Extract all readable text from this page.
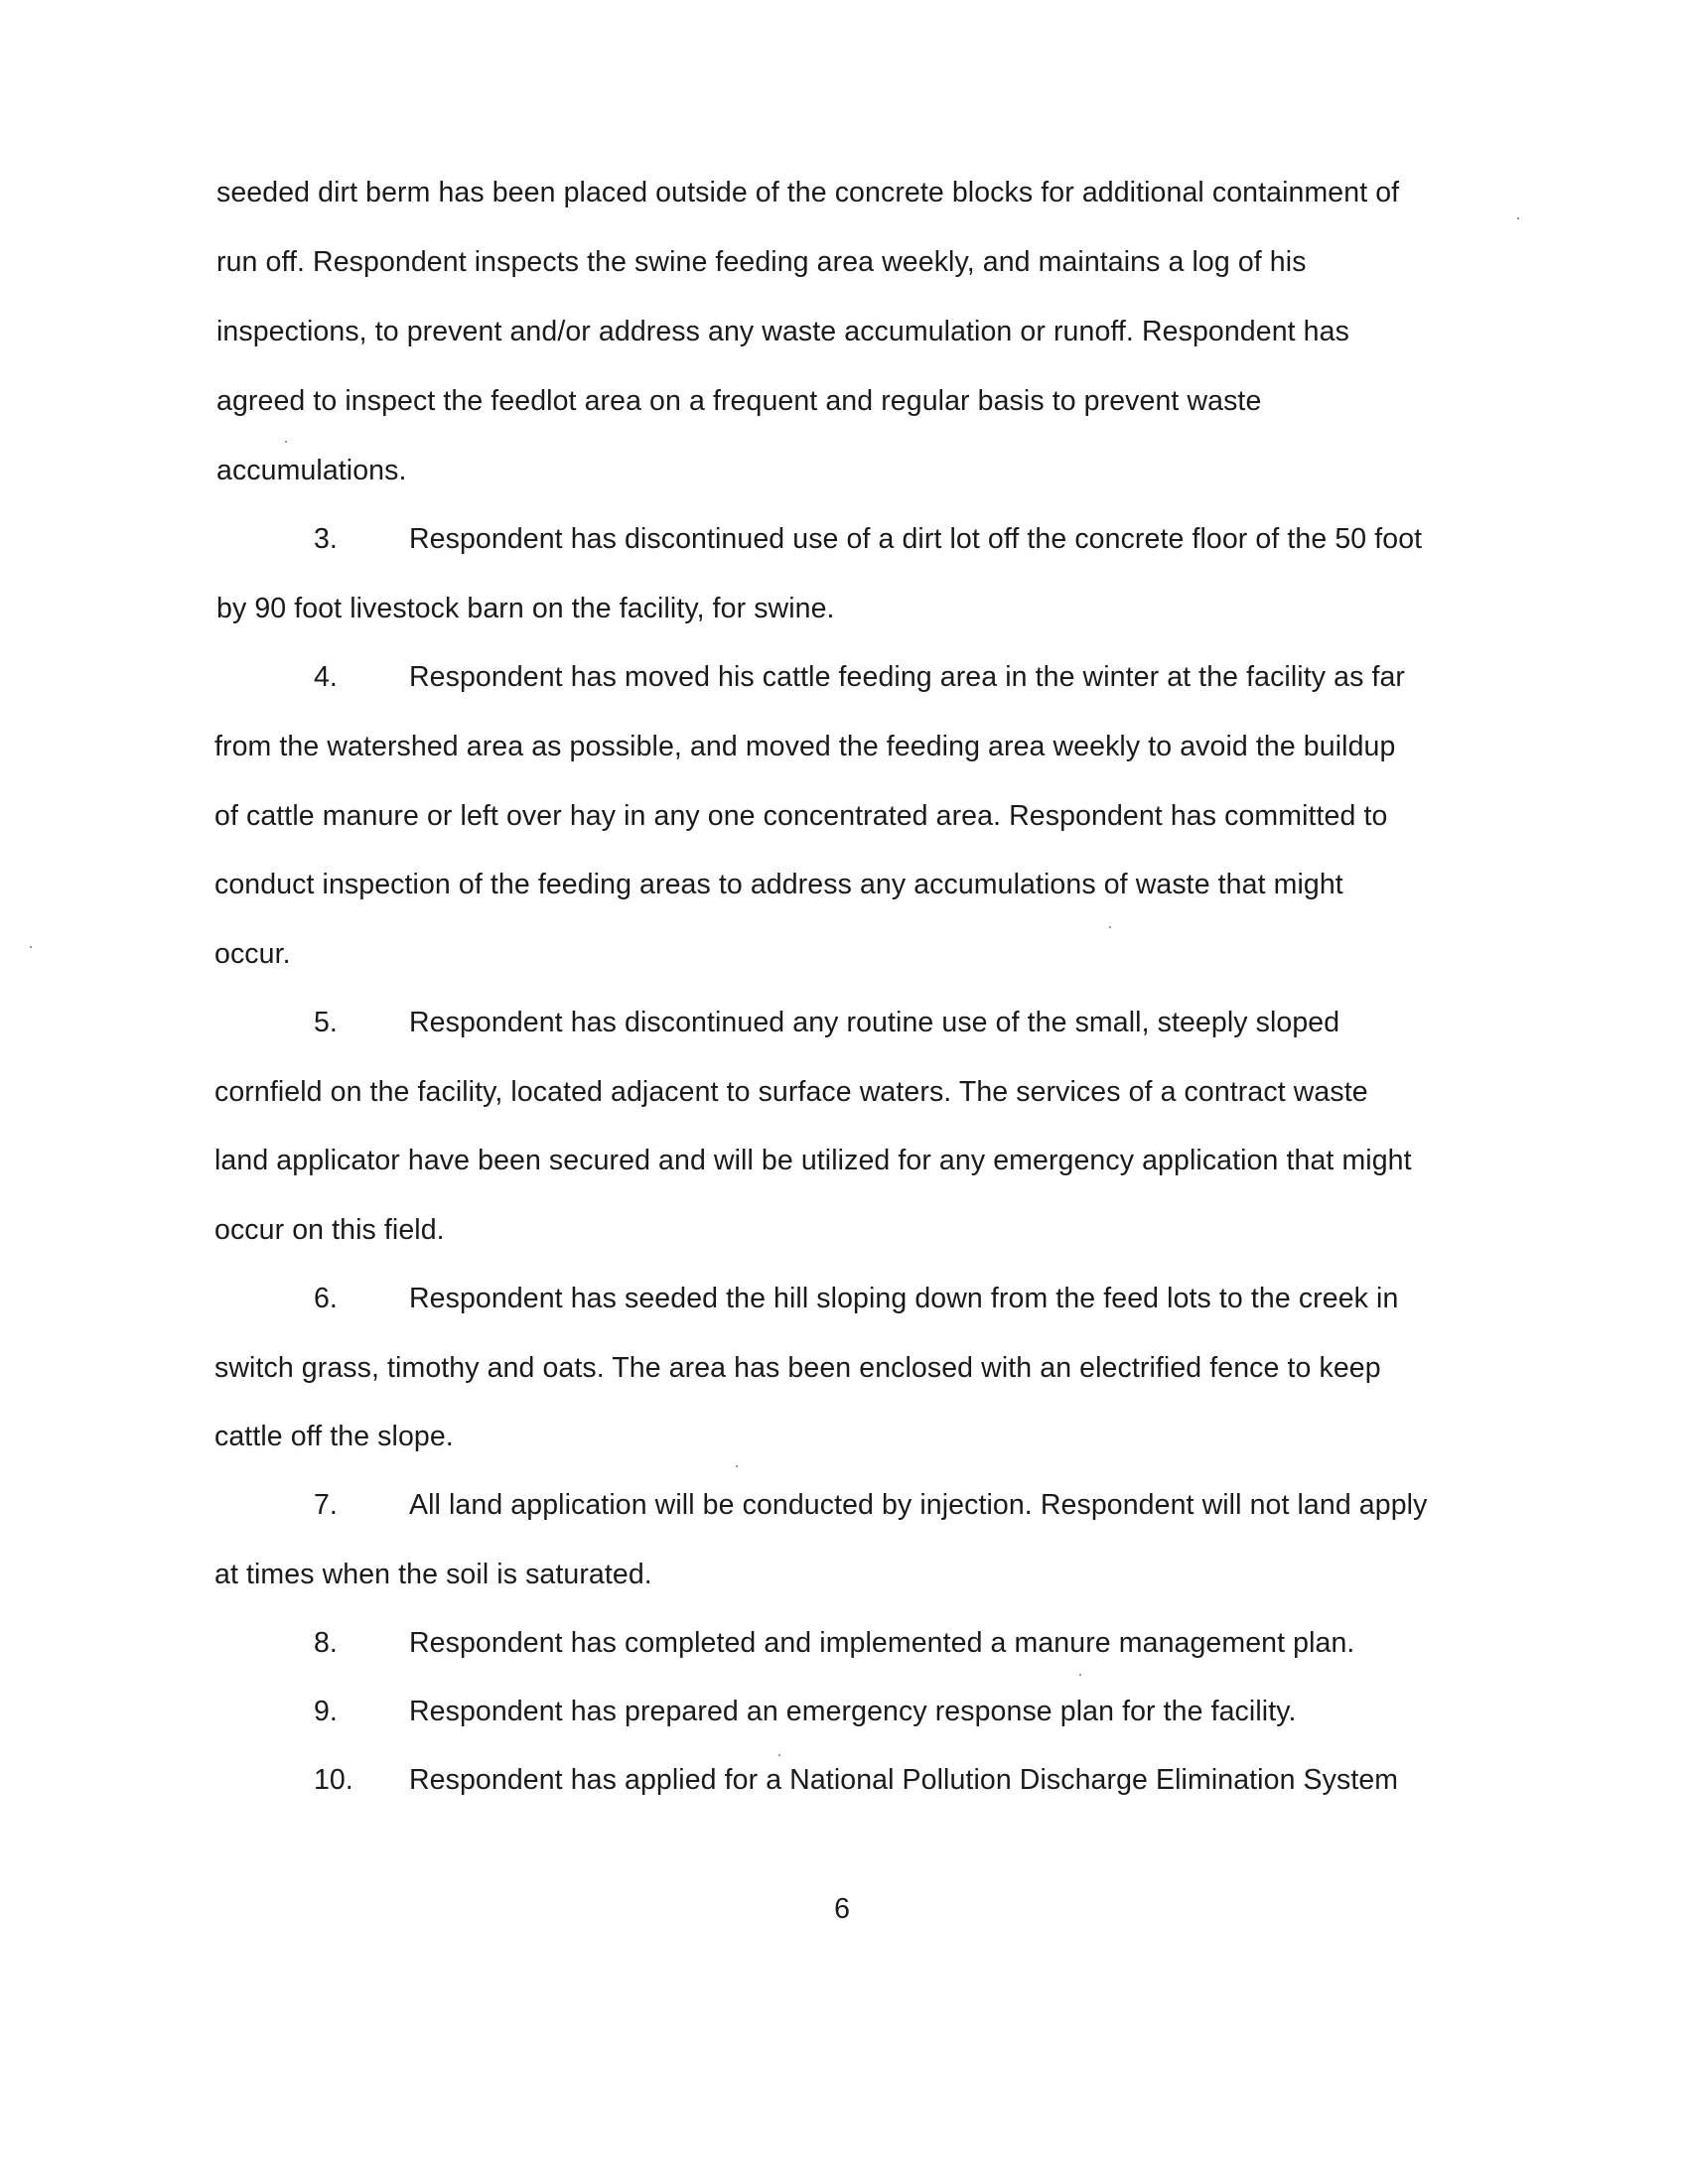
seeded dirt berm has been placed outside of the concrete blocks for additional containment of
run off. Respondent inspects the swine feeding area weekly, and maintains a log of his
inspections, to prevent and/or address any waste accumulation or runoff. Respondent has
agreed to inspect the feedlot area on a frequent and regular basis to prevent waste
accumulations.
3.	Respondent has discontinued use of a dirt lot off the concrete floor of the 50 foot
by 90 foot livestock barn on the facility, for swine.
4.	Respondent has moved his cattle feeding area in the winter at the facility as far
from the watershed area as possible, and moved the feeding area weekly to avoid the buildup
of cattle manure or left over hay in any one concentrated area. Respondent has committed to
conduct inspection of the feeding areas to address any accumulations of waste that might
occur.
5.	Respondent has discontinued any routine use of the small, steeply sloped
cornfield on the facility, located adjacent to surface waters. The services of a contract waste
land applicator have been secured and will be utilized for any emergency application that might
occur on this field.
6.	Respondent has seeded the hill sloping down from the feed lots to the creek in
switch grass, timothy and oats. The area has been enclosed with an electrified fence to keep
cattle off the slope.
7.	All land application will be conducted by injection. Respondent will not land apply
at times when the soil is saturated.
8.	Respondent has completed and implemented a manure management plan.
9.	Respondent has prepared an emergency response plan for the facility.
10. Respondent has applied for a National Pollution Discharge Elimination System
6
